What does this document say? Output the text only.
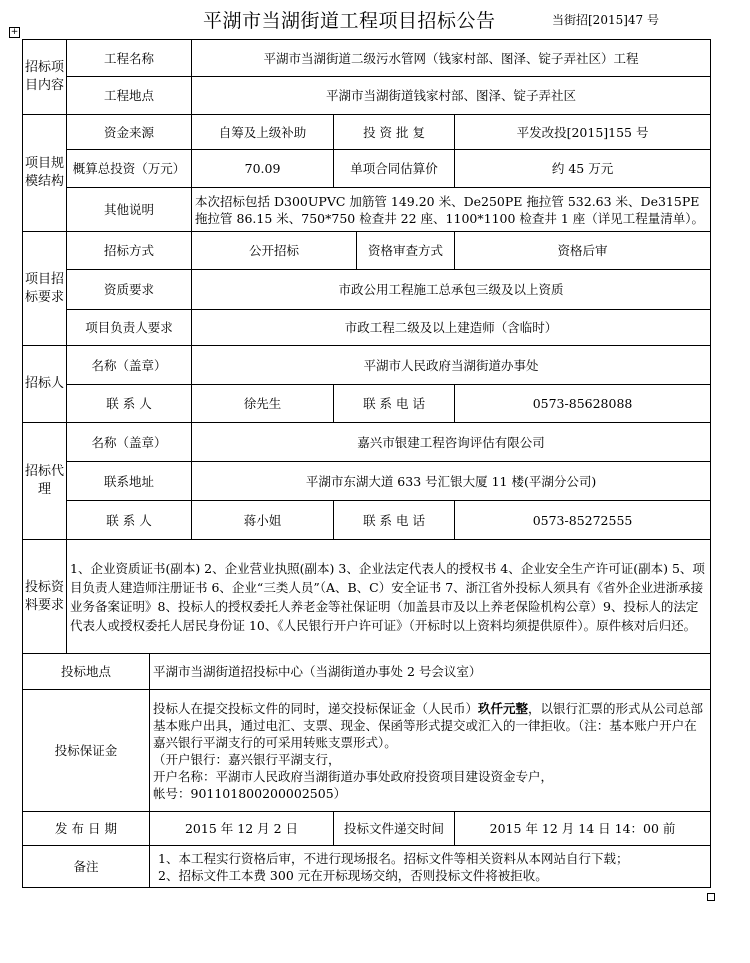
平湖市当湖街道工程项目招标公告	当街招[2015]47 号
+
招标项目内容	工程名称		平湖市当湖街道二级污水管网（钱家村部、图泽、锭子弄社区）工程			
	工程地点		平湖市当湖街道钱家村部、图泽、锭子弄社区			
项目规模结构	资金来源		自筹及上级补助	投 资 批 复		平发改投[2015]155 号
	概算总投资（万元）		70.09	单项合同估算价		约 45 万元
	其他说明		本次招标包括 D300UPVC 加筋管 149.20 米、De250PE 拖拉管 532.63 米、De315PE 拖拉管 86.15 米、750*750 检查井 22 座、1100*1100 检查井 1 座（详见工程量清单）。			
项目招标要求	招标方式		公开招标		资格审查方式	资格后审
	资质要求		市政公用工程施工总承包三级及以上资质			
	项目负责人要求		市政工程二级及以上建造师（含临时）			
招标人	名称（盖章）		平湖市人民政府当湖街道办事处			
	联 系 人		徐先生	联 系 电 话		0573-85628088
招标代理	名称（盖章）		嘉兴市银建工程咨询评估有限公司			
	联系地址		平湖市东湖大道 633 号汇银大厦 11 楼(平湖分公司)			
	联 系 人		蒋小姐	联 系 电 话		0573-85272555
投标资料要求	1、企业资质证书(副本) 2、企业营业执照(副本) 3、企业法定代表人的授权书 4、企业安全生产许可证(副本) 5、项目负责人建造师注册证书 6、企业“三类人员”（A、B、C）安全证书 7、浙江省外投标人须具有《省外企业进浙承接业务备案证明》8、投标人的授权委托人养老金等社保证明（加盖县市及以上养老保险机构公章）9、投标人的法定代表人或授权委托人居民身份证 10、《人民银行开户许可证》（开标时以上资料均须提供原件）。原件核对后归还。					
投标地点		平湖市当湖街道招投标中心（当湖街道办事处 2 号会议室）				
投标保证金		投标人在提交投标文件的同时，递交投标保证金（人民币）玖仟元整，以银行汇票的形式从公司总部基本账户出具，通过电汇、支票、现金、保函等形式提交或汇入的一律拒收。（注：基本账户开户在嘉兴银行平湖支行的可采用转账支票形式）。
（开户银行：嘉兴银行平湖支行，
开户名称：平湖市人民政府当湖街道办事处政府投资项目建设资金专户，
帐号：901101800200002505）				

发 布 日 期		2015 年 12 月 2 日		投标文件递交时间		2015 年 12 月 14 日 14：00 前
备注		1、本工程实行资格后审，不进行现场报名。招标文件等相关资料从本网站自行下载；
2、招标文件工本费 300 元在开标现场交纳，否则投标文件将被拒收。				
